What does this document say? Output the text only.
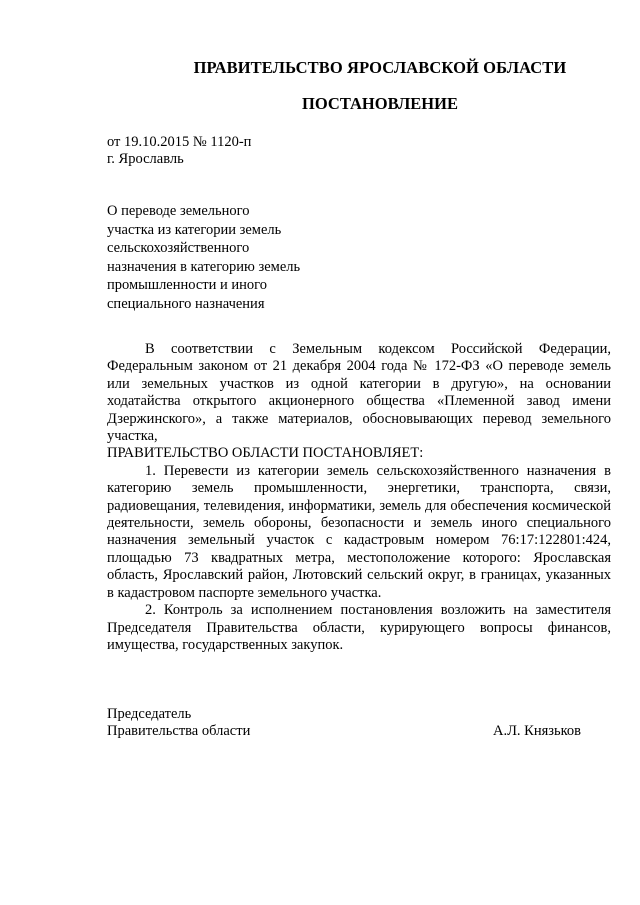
ПРАВИТЕЛЬСТВО ЯРОСЛАВСКОЙ ОБЛАСТИ
ПОСТАНОВЛЕНИЕ
от 19.10.2015 № 1120-п
г. Ярославль
О переводе земельного
участка из категории земель
сельскохозяйственного
назначения в категорию земель
промышленности и иного
специального назначения

В соответствии с Земельным кодексом Российской Федерации, Федеральным законом от 21 декабря 2004 года № 172-ФЗ «О переводе земель или земельных участков из одной категории в другую», на основании ходатайства открытого акционерного общества «Племенной завод имени Дзержинского», а также материалов, обосновывающих перевод земельного участка,

ПРАВИТЕЛЬСТВО ОБЛАСТИ ПОСТАНОВЛЯЕТ:

1. Перевести из категории земель сельскохозяйственного назначения в категорию земель промышленности, энергетики, транспорта, связи, радиовещания, телевидения, информатики, земель для обеспечения космической деятельности, земель обороны, безопасности и земель иного специального назначения земельный участок с кадастровым номером 76:17:122801:424, площадью 73 квадратных метра, местоположение которого: Ярославская область, Ярославский район, Лютовский сельский округ, в границах, указанных в кадастровом паспорте земельного участка.

2. Контроль за исполнением постановления возложить на заместителя Председателя Правительства области, курирующего вопросы финансов, имущества, государственных закупок.

Председатель
Правительства области	А.Л. Князьков
